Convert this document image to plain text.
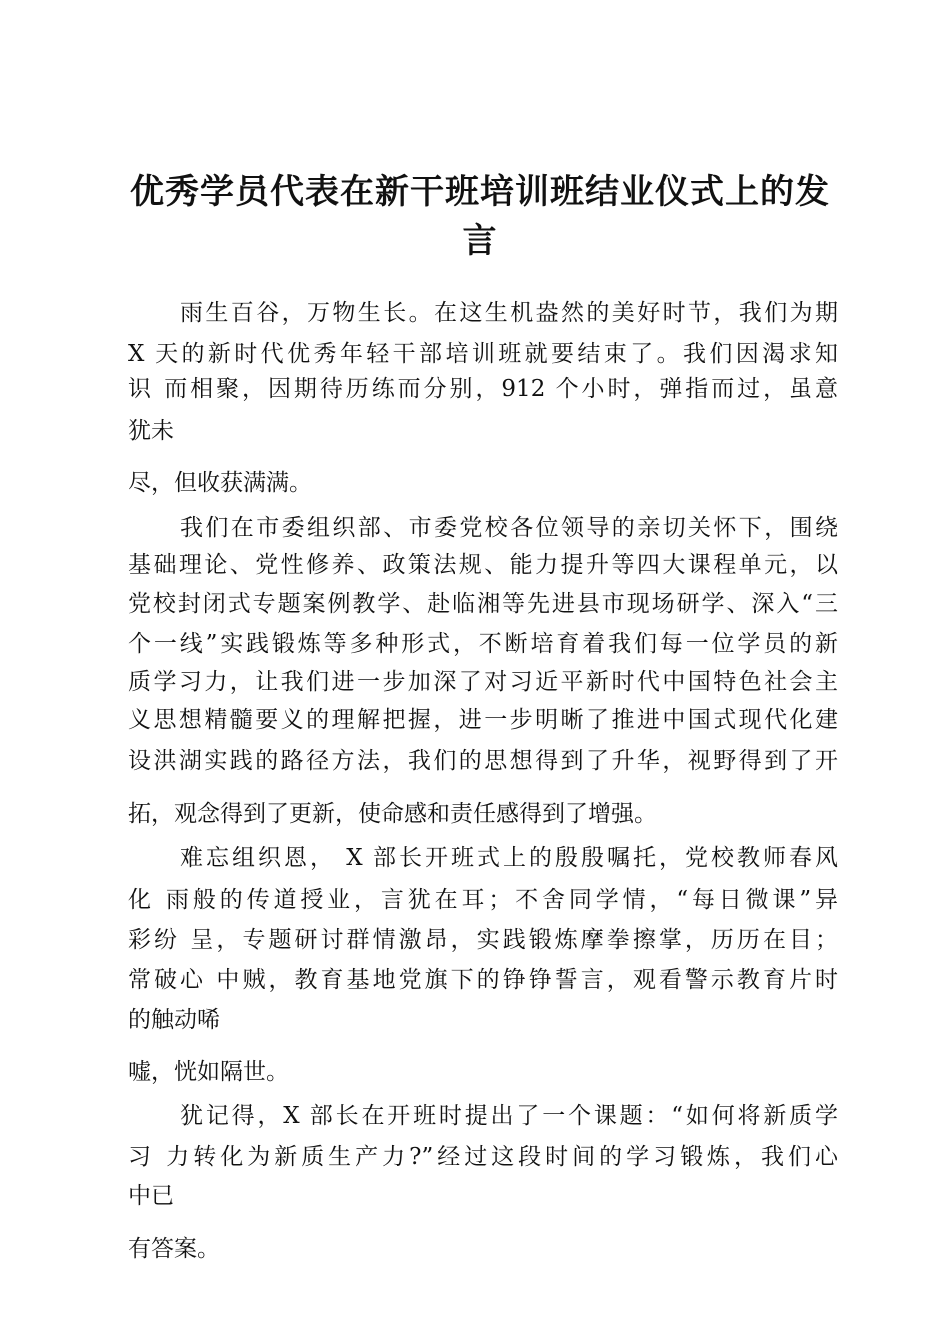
优秀学员代表在新干班培训班结业仪式上的发言

雨生百谷，万物生长。在这生机盎然的美好时节，我们为期

X 天的新时代优秀年轻干部培训班就要结束了。我们因渴求知

识 而相聚，因期待历练而分别，912 个小时，弹指而过，虽意

犹未

尽，但收获满满。

我们在市委组织部、市委党校各位领导的亲切关怀下，围绕

基础理论、党性修养、政策法规、能力提升等四大课程单元，以

党校封闭式专题案例教学、赴临湘等先进县市现场研学、深入“三

个一线”实践锻炼等多种形式，不断培育着我们每一位学员的新

质学习力，让我们进一步加深了对习近平新时代中国特色社会主

义思想精髓要义的理解把握，进一步明晰了推进中国式现代化建

设洪湖实践的路径方法，我们的思想得到了升华，视野得到了开

拓，观念得到了更新，使命感和责任感得到了增强。

难忘组织恩， X 部长开班式上的殷殷嘱托，党校教师春风

化 雨般的传道授业，言犹在耳；不舍同学情，“每日微课”异

彩纷 呈，专题研讨群情激昂，实践锻炼摩拳擦掌，历历在目；

常破心 中贼，教育基地党旗下的铮铮誓言，观看警示教育片时

的触动唏

嘘，恍如隔世。

犹记得，X 部长在开班时提出了一个课题：“如何将新质学

习 力转化为新质生产力?”经过这段时间的学习锻炼，我们心

中已

有答案。
